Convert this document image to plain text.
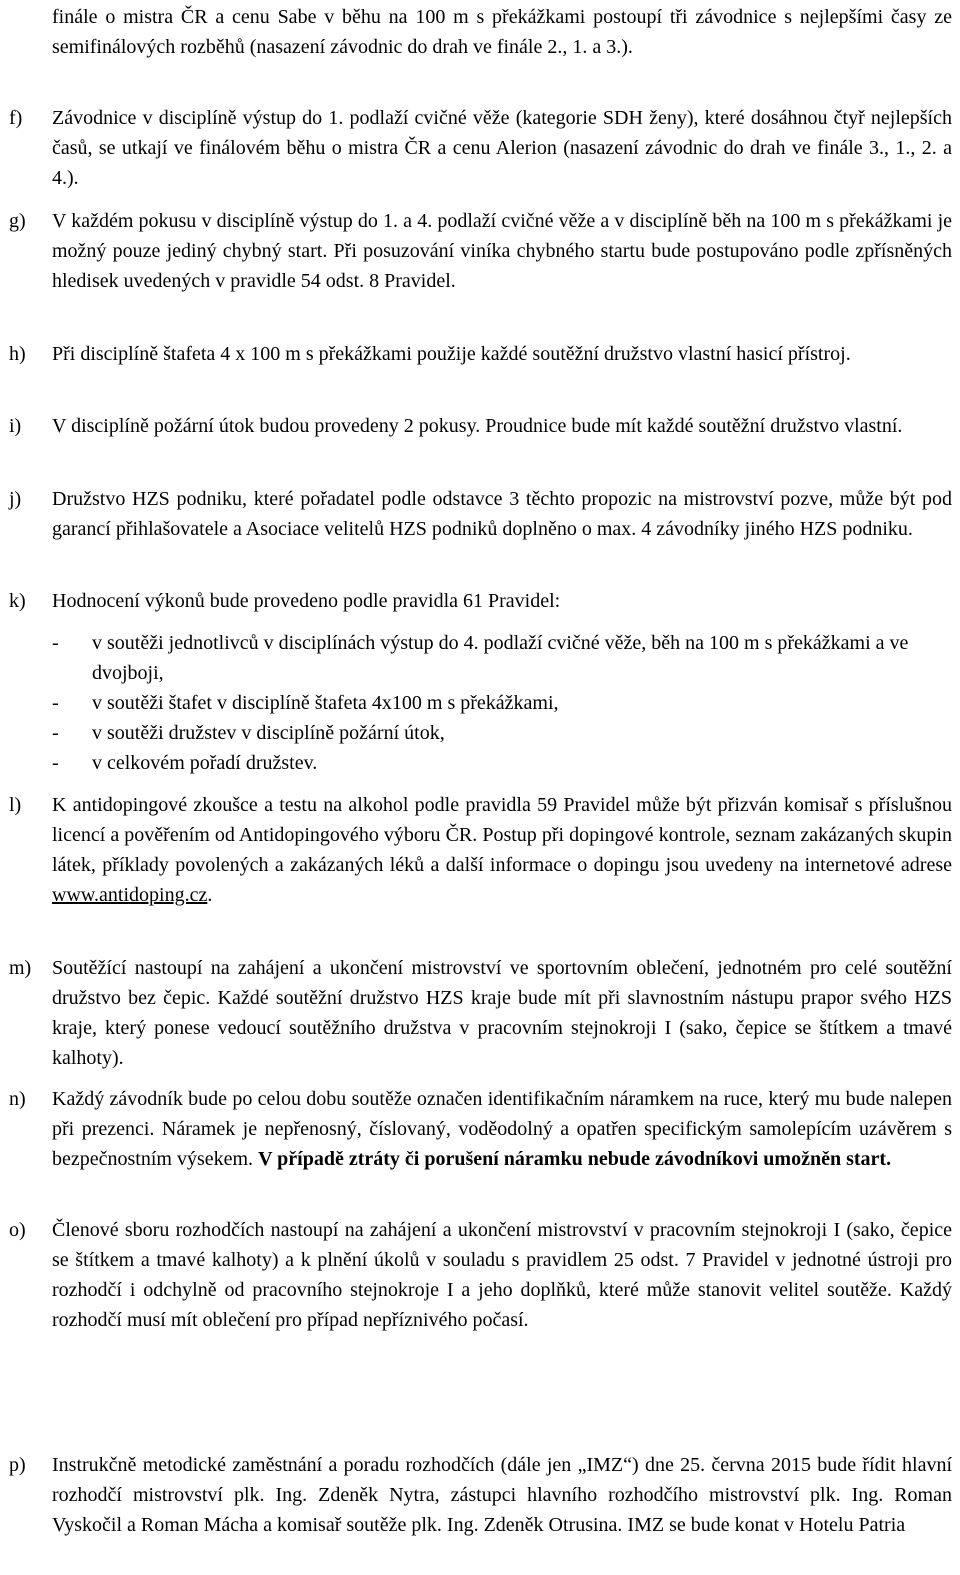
finále o mistra ČR a cenu Sabe v běhu na 100 m s překážkami postoupí tři závodnice s nejlepšími časy ze semifinálových rozběhů (nasazení závodnic do drah ve finále 2., 1. a 3.).
f) Závodnice v disciplíně výstup do 1. podlaží cvičné věže (kategorie SDH ženy), které dosáhnou čtyř nejlepších časů, se utkají ve finálovém běhu o mistra ČR a cenu Alerion (nasazení závodnic do drah ve finále 3., 1., 2. a 4.).

g) V každém pokusu v disciplíně výstup do 1. a 4. podlaží cvičné věže a v disciplíně běh na 100 m s překážkami je možný pouze jediný chybný start. Při posuzování viníka chybného startu bude postupováno podle zpřísněných hledisek uvedených v pravidle 54 odst. 8 Pravidel.

h) Při disciplíně štafeta 4 x 100 m s překážkami použije každé soutěžní družstvo vlastní hasicí přístroj.

i) V disciplíně požární útok budou provedeny 2 pokusy. Proudnice bude mít každé soutěžní družstvo vlastní.

j) Družstvo HZS podniku, které pořadatel podle odstavce 3 těchto propozic na mistrovství pozve, může být pod garancí přihlašovatele a Asociace velitelů HZS podniků doplněno o max. 4 závodníky jiného HZS podniku.

k) Hodnocení výkonů bude provedeno podle pravidla 61 Pravidel:

- v soutěži jednotlivců v disciplínách výstup do 4. podlaží cvičné věže, běh na 100 m s překážkami a ve dvojboji,
- v soutěži štafet v disciplíně štafeta 4x100 m s překážkami,
- v soutěži družstev v disciplíně požární útok,
- v celkovém pořadí družstev.
l) K antidopingové zkoušce a testu na alkohol podle pravidla 59 Pravidel může být přizván komisař s příslušnou licencí a pověřením od Antidopingového výboru ČR. Postup při dopingové kontrole, seznam zakázaných skupin látek, příklady povolených a zakázaných léků a další informace o dopingu jsou uvedeny na internetové adrese www.antidoping.cz.

m) Soutěžící nastoupí na zahájení a ukončení mistrovství ve sportovním oblečení, jednotném pro celé soutěžní družstvo bez čepic. Každé soutěžní družstvo HZS kraje bude mít při slavnostním nástupu prapor svého HZS kraje, který ponese vedoucí soutěžního družstva v pracovním stejnokroji I (sako, čepice se štítkem a tmavé kalhoty).

n) Každý závodník bude po celou dobu soutěže označen identifikačním náramkem na ruce, který mu bude nalepen při prezenci. Náramek je nepřenosný, číslovaný, voděodolný a opatřen specifickým samolepícím uzávěrem s bezpečnostním výsekem. V případě ztráty či porušení náramku nebude závodníkovi umožněn start.

o) Členové sboru rozhodčích nastoupí na zahájení a ukončení mistrovství v pracovním stejnokroji I (sako, čepice se štítkem a tmavé kalhoty) a k plnění úkolů v souladu s pravidlem 25 odst. 7 Pravidel v jednotné ústroji pro rozhodčí i odchylně od pracovního stejnokroje I a jeho doplňků, které může stanovit velitel soutěže. Každý rozhodčí musí mít oblečení pro případ nepříznivého počasí.

p) Instrukčně metodické zaměstnání a poradu rozhodčích (dále jen „IMZ“) dne 25. června 2015 bude řídit hlavní rozhodčí mistrovství plk. Ing. Zdeněk Nytra, zástupci hlavního rozhodčího mistrovství plk. Ing. Roman Vyskočil a Roman Mácha a komisař soutěže plk. Ing. Zdeněk Otrusina. IMZ se bude konat v Hotelu Patria
